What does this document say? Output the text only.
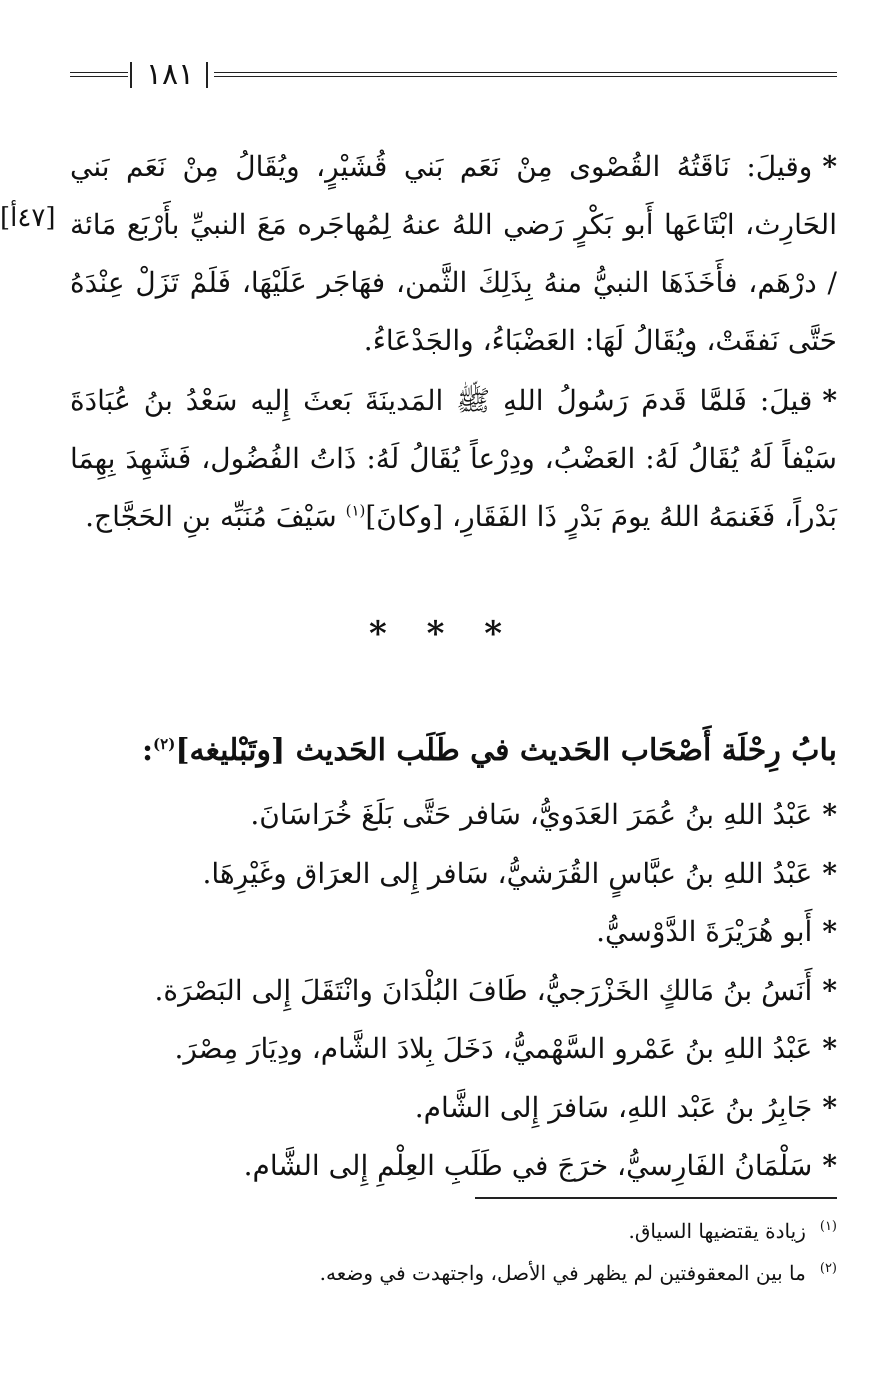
١٨١
[٤٧أ]

*وقيلَ: نَاقَتُهُ القُصْوى مِنْ نَعَم بَني قُشَيْرٍ، ويُقَالُ مِنْ نَعَم بَني الحَارِث، ابْتَاعَها أَبو بَكْرٍ رَضي اللهُ عنهُ لِمُهاجَره مَعَ النبيِّ بأَرْبَع مَائة / درْهَم، فأَخَذَهَا النبيُّ منهُ بِذَلِكَ الثَّمن، فهَاجَر عَلَيْهَا، فَلَمْ تَزَلْ عِنْدَهُ حَتَّى نَفقَتْ، ويُقَالُ لَهَا: العَضْبَاءُ، والجَدْعَاءُ.

*قيلَ: فَلمَّا قَدمَ رَسُولُ اللهِ ﷺ المَدينَةَ بَعثَ إِليه سَعْدُ بنُ عُبَادَةَ سَيْفاً لَهُ يُقَالُ لَهُ: العَضْبُ، ودِرْعاً يُقَالُ لَهُ: ذَاتُ الفُضُول، فَشَهِدَ بِهِمَا بَدْراً، فَغَنمَهُ اللهُ يومَ بَدْرٍ ذَا الفَقَارِ، [وكانَ]$^{(١)}$ سَيْفَ مُنَبِّه بنِ الحَجَّاج.

* * *
بابُ رِحْلَة أَصْحَاب الحَديث في طَلَب الحَديث [وتَبْليغه]$^{(٢)}$:
*عَبْدُ اللهِ بنُ عُمَرَ العَدَويُّ، سَافر حَتَّى بَلَغَ خُرَاسَانَ.
*عَبْدُ اللهِ بنُ عبَّاسٍ القُرَشيُّ، سَافر إِلى العرَاق وغَيْرِهَا.
*أَبو هُرَيْرَةَ الدَّوْسيُّ.
*أَنَسُ بنُ مَالكٍ الخَزْرَجيُّ، طَافَ البُلْدَانَ وانْتَقَلَ إِلى البَصْرَة.
*عَبْدُ اللهِ بنُ عَمْرو السَّهْميُّ، دَخَلَ بِلادَ الشَّام، ودِيَارَ مِصْرَ.
*جَابِرُ بنُ عَبْد اللهِ، سَافرَ إِلى الشَّام.
*سَلْمَانُ الفَارِسيُّ، خرَجَ في طَلَبِ العِلْمِ إِلى الشَّام.
(١)زيادة يقتضيها السياق.
(٢)ما بين المعقوفتين لم يظهر في الأصل، واجتهدت في وضعه.
